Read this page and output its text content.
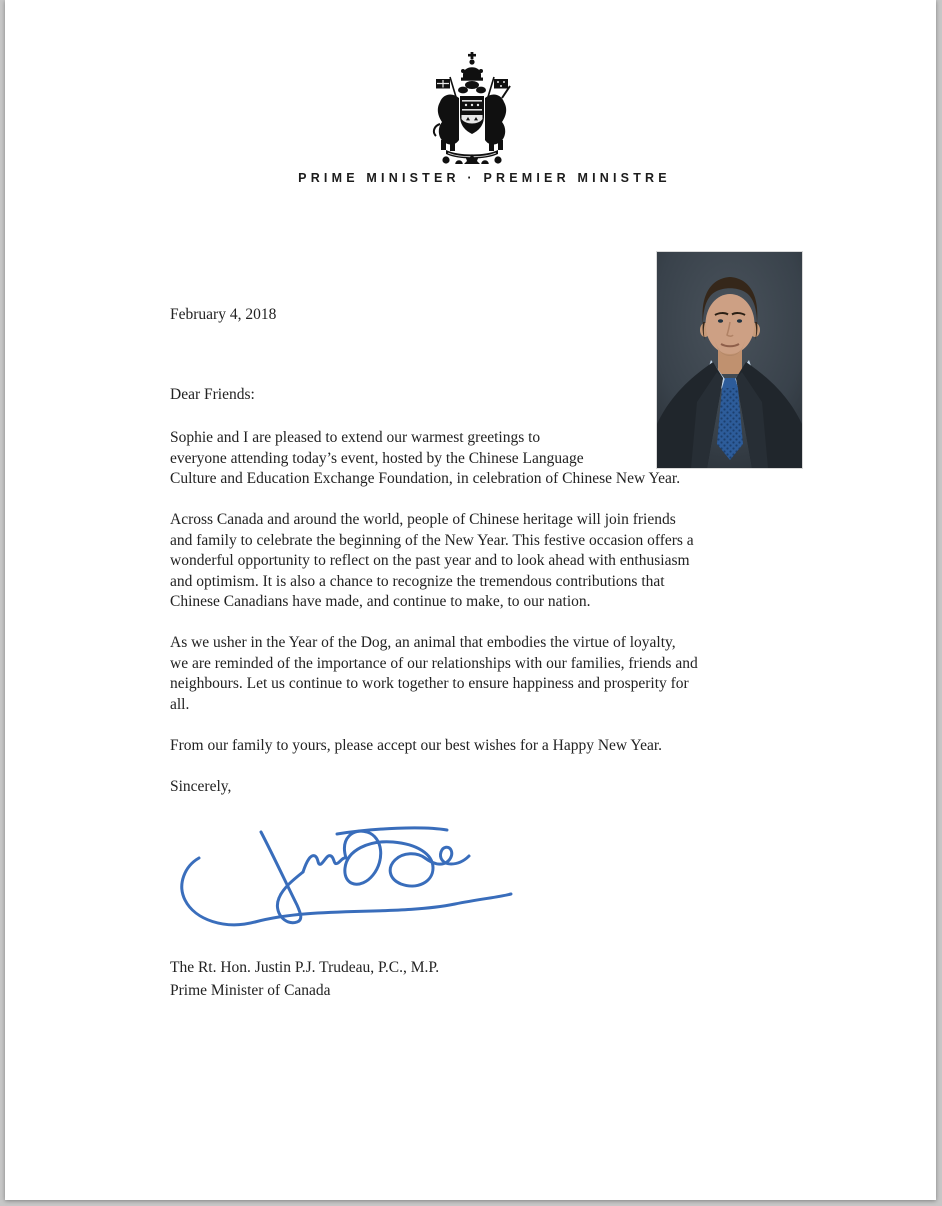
PRIME MINISTER · PREMIER MINISTRE
February 4, 2018
Dear Friends:
Sophie and I are pleased to extend our warmest greetings to
everyone attending today’s event, hosted by the Chinese Language
Culture and Education Exchange Foundation, in celebration of Chinese New Year.
Across Canada and around the world, people of Chinese heritage will join friends
and family to celebrate the beginning of the New Year. This festive occasion offers a
wonderful opportunity to reflect on the past year and to look ahead with enthusiasm
and optimism. It is also a chance to recognize the tremendous contributions that
Chinese Canadians have made, and continue to make, to our nation.
As we usher in the Year of the Dog, an animal that embodies the virtue of loyalty,
we are reminded of the importance of our relationships with our families, friends and
neighbours. Let us continue to work together to ensure happiness and prosperity for
all.
From our family to yours, please accept our best wishes for a Happy New Year.
Sincerely,
The Rt. Hon. Justin P.J. Trudeau, P.C., M.P.
Prime Minister of Canada
